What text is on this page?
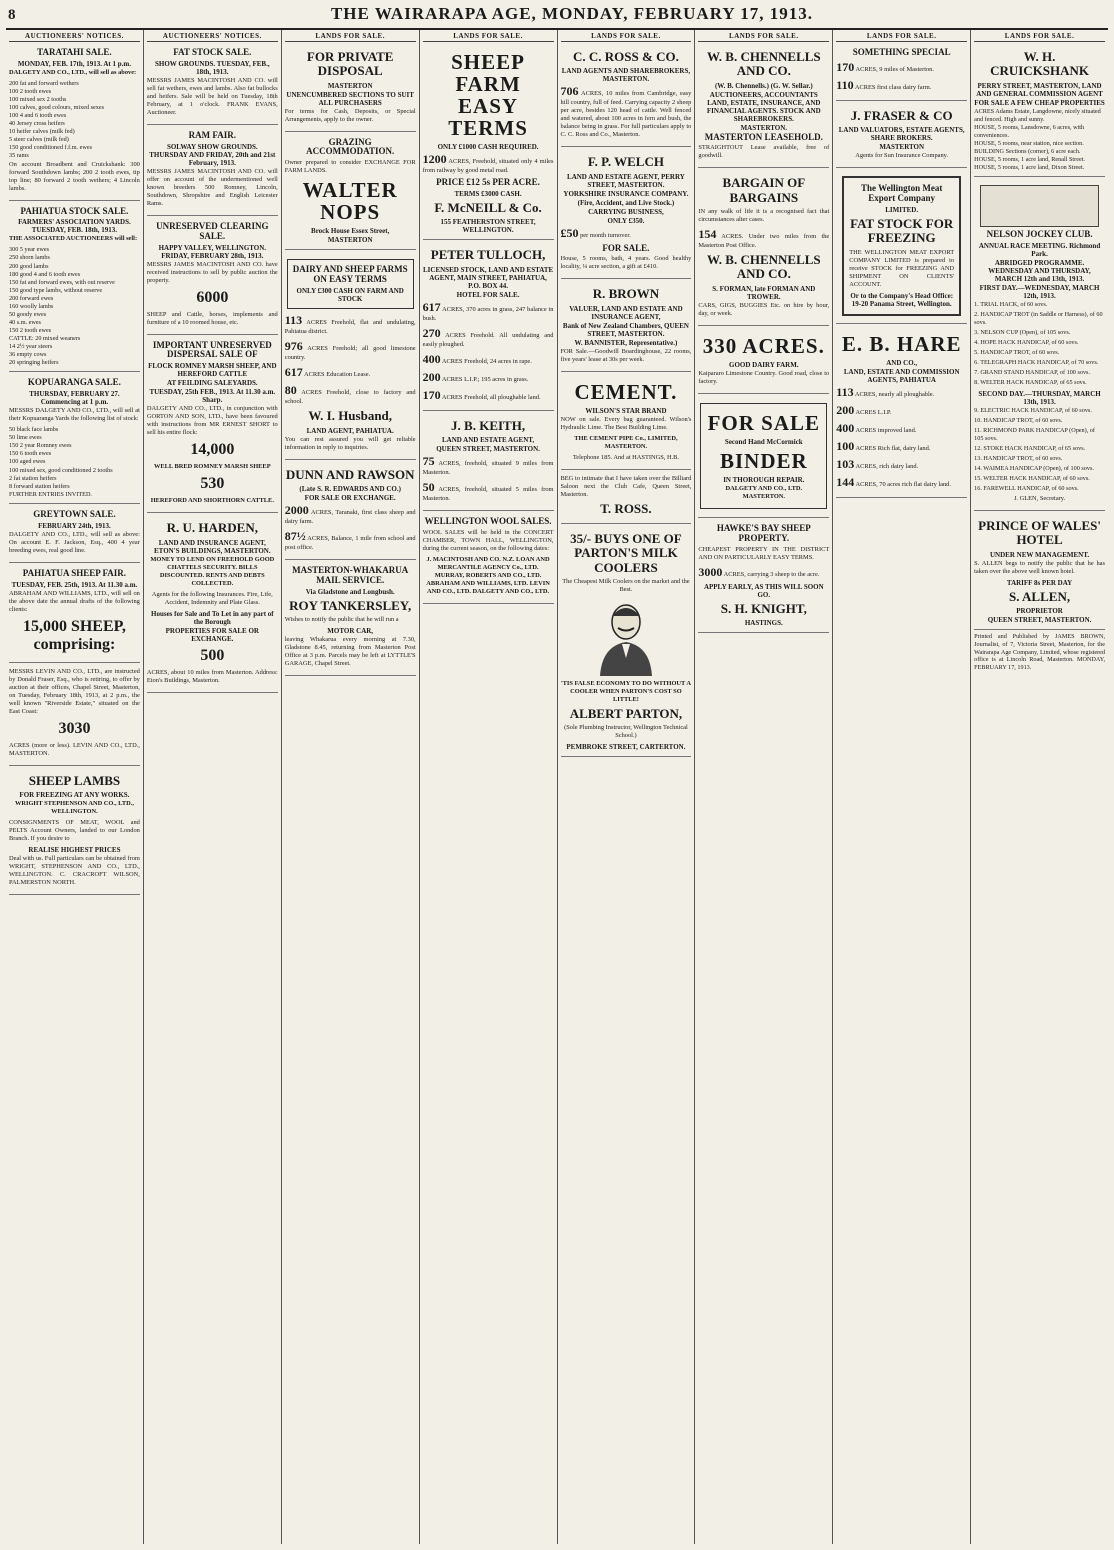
8	THE WAIRARAPA AGE, MONDAY, FEBRUARY 17, 1913.
AUCTIONEERS' NOTICES.
TARATAHI SALE.
MONDAY, FEB. 17th, 1913. At 1 p.m.

DALGETY AND CO., LTD., will sell as above:

200 fat and forward wethers
100 2 tooth ewes
100 mixed sex 2 tooths
100 calves, good colours, mixed sexes
100 4 and 6 tooth ewes
40 Jersey cross heifers
10 heifer calves (milk fed)
5 steer calves (milk fed)
150 good conditioned f.f.m. ewes
35 rams

On account Broadbent and Cruickshank: 300 forward Southdown lambs; 200 2 tooth ewes, tip top line; 80 forward 2 tooth wethers; 4 Lincoln lambs.

PAHIATUA STOCK SALE.
FARMERS' ASSOCIATION YARDS. TUESDAY, FEB. 18th, 1913.

THE ASSOCIATED AUCTIONEERS will sell:

300 5 year ewes
250 shorn lambs
200 good lambs
180 good 4 and 6 tooth ewes
150 fat and forward ewes, with out reserve
150 good type lambs, without reserve
200 forward ewes
160 woolly lambs
50 goody ewes
40 s.m. ewes
150 2 tooth ewes
CATTLE: 20 mixed weaners
14 2½ year steers
36 empty cows
20 springing heifers
KOPUARANGA SALE.
THURSDAY, FEBRUARY 27. Commencing at 1 p.m.

MESSRS DALGETY AND CO., LTD., will sell at their Kopuaranga Yards the following list of stock:

50 black face lambs
50 lime ewes
150 2 year Romney ewes
150 6 tooth ewes
100 aged ewes
100 mixed sex, good conditioned 2 tooths
2 fat station heifers
8 forward station heifers
FURTHER ENTRIES INVITED.
GREYTOWN SALE.
FEBRUARY 24th, 1913.

DALGETY AND CO., LTD., will sell as above: On account E. F. Jackson, Esq., 400 4 year breeding ewes, real good line.

PAHIATUA SHEEP FAIR.
TUESDAY, FEB. 25th, 1913. At 11.30 a.m.

ABRAHAM AND WILLIAMS, LTD., will sell on the above date the annual drafts of the following clients:

15,000 SHEEP, comprising:

MESSRS LEVIN AND CO., LTD., are instructed by Donald Fraser, Esq., who is retiring, to offer by auction at their offices, Chapel Street, Masterton, on Tuesday, February 18th, 1913, at 2 p.m., the well known "Riverside Estate," situated on the East Coast:

3030

ACRES (more or less). LEVIN AND CO., LTD., MASTERTON.

SHEEP LAMBS
FOR FREEZING AT ANY WORKS.

WRIGHT STEPHENSON AND CO., LTD., WELLINGTON.

CONSIGNMENTS OF MEAT, WOOL and PELTS Account Owners, landed to our London Branch. If you desire to

REALISE HIGHEST PRICES

Deal with us. Full particulars can be obtained from WRIGHT, STEPHENSON AND CO., LTD., WELLINGTON. C. CRACROFT WILSON, PALMERSTON NORTH.

AUCTIONEERS' NOTICES.
FAT STOCK SALE.
SHOW GROUNDS. TUESDAY, FEB., 18th, 1913.

MESSRS JAMES MACINTOSH AND CO. will sell fat wethers, ewes and lambs. Also fat bullocks and heifers. Sale will be held on Tuesday, 18th February, at 1 o'clock. FRANK EVANS, Auctioneer.

RAM FAIR.
SOLWAY SHOW GROUNDS. THURSDAY AND FRIDAY, 20th and 21st February, 1913.

MESSRS JAMES MACINTOSH AND CO. will offer on account of the undermentioned well known breeders 500 Romney, Lincoln, Southdown, Shropshire and English Leicester Rams.

UNRESERVED CLEARING SALE.
HAPPY VALLEY, WELLINGTON. FRIDAY, FEBRUARY 28th, 1913.

MESSRS JAMES MACINTOSH AND CO. have received instructions to sell by public auction the property.

6000

SHEEP and Cattle, horses, implements and furniture of a 10 roomed house, etc.

IMPORTANT UNRESERVED DISPERSAL SALE OF
FLOCK ROMNEY MARSH SHEEP, AND HEREFORD CATTLE
AT FEILDING SALEYARDS.
TUESDAY, 25th FEB., 1913. At 11.30 a.m. Sharp.

DALGETY AND CO., LTD., in conjunction with GORTON AND SON, LTD., have been favoured with instructions from MR ERNEST SHORT to sell his entire flock:

14,000

WELL BRED ROMNEY MARSH SHEEP

530

HEREFORD AND SHORTHORN CATTLE.

R. U. HARDEN,
LAND AND INSURANCE AGENT, ETON'S BUILDINGS, MASTERTON.

MONEY TO LEND ON FREEHOLD GOOD CHATTELS SECURITY. BILLS DISCOUNTED. RENTS AND DEBTS COLLECTED.

Agents for the following Insurances. Fire, Life, Accident, Indemnity and Plate Glass.

Houses for Sale and To Let in any part of the Borough
PROPERTIES FOR SALE OR EXCHANGE.
500

ACRES, about 10 miles from Masterton. Address: Eton's Buildings, Masterton.

LANDS FOR SALE.
FOR PRIVATE DISPOSAL
MASTERTON
UNENCUMBERED SECTIONS TO SUIT ALL PURCHASERS

For terms for Cash, Deposits, or Special Arrangements, apply to the owner.

GRAZING ACCOMMODATION.

Owner prepared to consider EXCHANGE FOR FARM LANDS.

WALTER NOPS
Brock House Essex Street,
MASTERTON
DAIRY AND SHEEP FARMS ON EASY TERMS
ONLY £300 CASH ON FARM AND STOCK

113 ACRES Freehold, flat and undulating, Pahiatua district.

976 ACRES Freehold; all good limestone country.

617 ACRES Education Lease.

80 ACRES Freehold, close to factory and school.

W. I. Husband,
LAND AGENT, PAHIATUA.

You can rest assured you will get reliable information in reply to inquiries.

DUNN AND RAWSON
(Late S. R. EDWARDS AND CO.)
FOR SALE OR EXCHANGE.

2000 ACRES, Taranaki, first class sheep and dairy farm.

87½ ACRES, Balance, 1 mile from school and post office.

MASTERTON-WHAKARUA MAIL SERVICE.
Via Gladstone and Longbush.
ROY TANKERSLEY,

Wishes to notify the public that he will run a

MOTOR CAR,

leaving Whakarua every morning at 7.30, Gladstone 8.45, returning from Masterton Post Office at 3 p.m. Parcels may be left at LYTTLE'S GARAGE, Chapel Street.

LANDS FOR SALE.
SHEEP FARM EASY TERMS
ONLY £1000 CASH REQUIRED.

1200 ACRES, Freehold, situated only 4 miles from railway by good metal road.

PRICE £12 5s PER ACRE.
TERMS £3000 CASH.
F. McNEILL & Co.
155 FEATHERSTON STREET, WELLINGTON.
PETER TULLOCH,
LICENSED STOCK, LAND AND ESTATE AGENT, MAIN STREET, PAHIATUA, P.O. BOX 44.
HOTEL FOR SALE.

617 ACRES, 370 acres in grass, 247 balance in bush.

270 ACRES Freehold. All undulating and easily ploughed.

400 ACRES Freehold, 24 acres in rape.

200 ACRES L.I.P.; 195 acres in grass.

170 ACRES Freehold, all ploughable land.

J. B. KEITH,
LAND AND ESTATE AGENT,
QUEEN STREET, MASTERTON.

75 ACRES, freehold, situated 9 miles from Masterton.

50 ACRES, freehold, situated 5 miles from Masterton.

WELLINGTON WOOL SALES.

WOOL SALES will be held in the CONCERT CHAMBER, TOWN HALL, WELLINGTON, during the current season, on the following dates:

J. MACINTOSH AND CO. N.Z. LOAN AND MERCANTILE AGENCY Co., LTD. MURRAY, ROBERTS AND CO., LTD. ABRAHAM AND WILLIAMS, LTD. LEVIN AND CO., LTD. DALGETY AND CO., LTD.

LANDS FOR SALE.
C. C. ROSS & CO.
LAND AGENTS AND SHAREBROKERS, MASTERTON.

706 ACRES, 10 miles from Cambridge, easy hill country, full of feed. Carrying capacity 2 sheep per acre, besides 120 head of cattle. Well fenced and watered, about 100 acres in fern and bush, the balance being in grass. For full particulars apply to C. C. Ross and Co., Masterton.

F. P. WELCH
LAND AND ESTATE AGENT, PERRY STREET, MASTERTON.
YORKSHIRE INSURANCE COMPANY.
(Fire, Accident, and Live Stock.)
CARRYING BUSINESS,
ONLY £350.

£50 per month turnover.

FOR SALE.

House, 5 rooms, bath, 4 years. Good healthy locality, ¼ acre section, a gift at £410.

R. BROWN
VALUER, LAND AND ESTATE AND INSURANCE AGENT,
Bank of New Zealand Chambers, QUEEN STREET, MASTERTON.
W. BANNISTER, Representative.)

FOR Sale.—Goodwill Boardinghouse, 22 rooms, five years' lease at 30s per week.

CEMENT.
WILSON'S STAR BRAND

NOW on sale. Every bag guaranteed. Wilson's Hydraulic Lime. The Best Building Lime.

THE CEMENT PIPE Co., LIMITED, MASTERTON.

Telephone 185. And at HASTINGS, H.B.

BEG to intimate that I have taken over the Billiard Saloon next the Club Cafe, Queen Street, Masterton.

T. ROSS.
35/- BUYS ONE OF PARTON'S MILK COOLERS

The Cheapest Milk Coolers on the market and the Best.

'TIS FALSE ECONOMY TO DO WITHOUT A COOLER WHEN PARTON'S COST SO LITTLE!

ALBERT PARTON,

(Sole Plumbing Instructor, Wellington Technical School.)

PEMBROKE STREET, CARTERTON.
LANDS FOR SALE.
W. B. CHENNELLS AND CO.
(W. B. Chennells.) (G. W. Sellar.)
AUCTIONEERS, ACCOUNTANTS LAND, ESTATE, INSURANCE, AND FINANCIAL AGENTS. STOCK AND SHAREBROKERS.
MASTERTON.
MASTERTON LEASEHOLD.

STRAIGHTOUT Lease available, free of goodwill.

BARGAIN OF BARGAINS

IN any walk of life it is a recognised fact that circumstances alter cases.

154 ACRES. Under two miles from the Masterton Post Office.

W. B. CHENNELLS AND CO.
S. FORMAN, late FORMAN AND TROWER.

CARS, GIGS, BUGGIES Etc. on hire by hour, day, or week.

330 ACRES.
GOOD DAIRY FARM.

Kaipararo Limestone Country. Good road, close to factory.

FOR SALE
Second Hand McCormick
BINDER
IN THOROUGH REPAIR.

DALGETY AND CO., LTD. MASTERTON.

HAWKE'S BAY SHEEP PROPERTY.

CHEAPEST PROPERTY IN THE DISTRICT AND ON PARTICULARLY EASY TERMS.

3000 ACRES, carrying 3 sheep to the acre.

APPLY EARLY, AS THIS WILL SOON GO.
S. H. KNIGHT,
HASTINGS.
LANDS FOR SALE.
SOMETHING SPECIAL

170 ACRES, 9 miles of Masterton.

110 ACRES first class dairy farm.

J. FRASER & CO
LAND VALUATORS, ESTATE AGENTS, SHARE BROKERS.
MASTERTON

Agents for Sun Insurance Company.

The Wellington Meat Export Company
LIMITED.
FAT STOCK FOR FREEZING

THE WELLINGTON MEAT EXPORT COMPANY LIMITED is prepared to receive STOCK for FREEZING AND SHIPMENT ON CLIENTS' ACCOUNT.

Or to the Company's Head Office: 19-20 Panama Street, Wellington.
E. B. HARE
AND CO.,
LAND, ESTATE AND COMMISSION AGENTS, PAHIATUA

113 ACRES, nearly all ploughable.

200 ACRES L.I.P.

400 ACRES improved land.

100 ACRES Rich flat, dairy land.

103 ACRES, rich dairy land.

144 ACRES, 70 acres rich flat dairy land.

LANDS FOR SALE.
W. H. CRUICKSHANK
PERRY STREET, MASTERTON, LAND AND GENERAL COMMISSION AGENT
FOR SALE A FEW CHEAP PROPERTIES
ACRES Adams Estate, Langdowne, nicely situated and fenced. High and sunny.
HOUSE, 5 rooms, Lansdowne, 6 acres, with conveniences.
HOUSE, 5 rooms, near station, nice section.
BUILDING Sections (corner), 6 acre each.
HOUSE, 5 rooms, 1 acre land, Renall Street.
HOUSE, 5 rooms, 1 acre land, Dixon Street.
NELSON JOCKEY CLUB.
ANNUAL RACE MEETING. Richmond Park.
ABRIDGED PROGRAMME. WEDNESDAY AND THURSDAY, MARCH 12th and 13th, 1913.
FIRST DAY.—WEDNESDAY, MARCH 12th, 1913.
1. TRIAL HACK, of 60 sovs.
2. HANDICAP TROT (in Saddle or Harness), of 60 sovs.
3. NELSON CUP (Open), of 105 sovs.
4. HOPE HACK HANDICAP, of 60 sovs.
5. HANDICAP TROT, of 60 sovs.
6. TELEGRAPH HACK HANDICAP, of 70 sovs.
7. GRAND STAND HANDICAP, of 100 sovs.
8. WELTER HACK HANDICAP, of 65 sovs.
SECOND DAY.—THURSDAY, MARCH 13th, 1913.
9. ELECTRIC HACK HANDICAP, of 60 sovs.
10. HANDICAP TROT, of 60 sovs.
11. RICHMOND PARK HANDICAP (Open), of 105 sovs.
12. STOKE HACK HANDICAP, of 65 sovs.
13. HANDICAP TROT, of 60 sovs.
14. WAIMEA HANDICAP (Open), of 100 sovs.
15. WELTER HACK HANDICAP, of 60 sovs.
16. FAREWELL HANDICAP, of 60 sovs.

J. GLEN, Secretary.

PRINCE OF WALES' HOTEL
UNDER NEW MANAGEMENT.

S. ALLEN begs to notify the public that he has taken over the above well known hotel.

TARIFF 8s PER DAY
S. ALLEN,
PROPRIETOR
QUEEN STREET, MASTERTON.

Printed and Published by JAMES BROWN, Journalist, of 7, Victoria Street, Masterton, for the Wairarapa Age Company, Limited, whose registered office is at Lincoln Road, Masterton. MONDAY, FEBRUARY 17, 1913.
